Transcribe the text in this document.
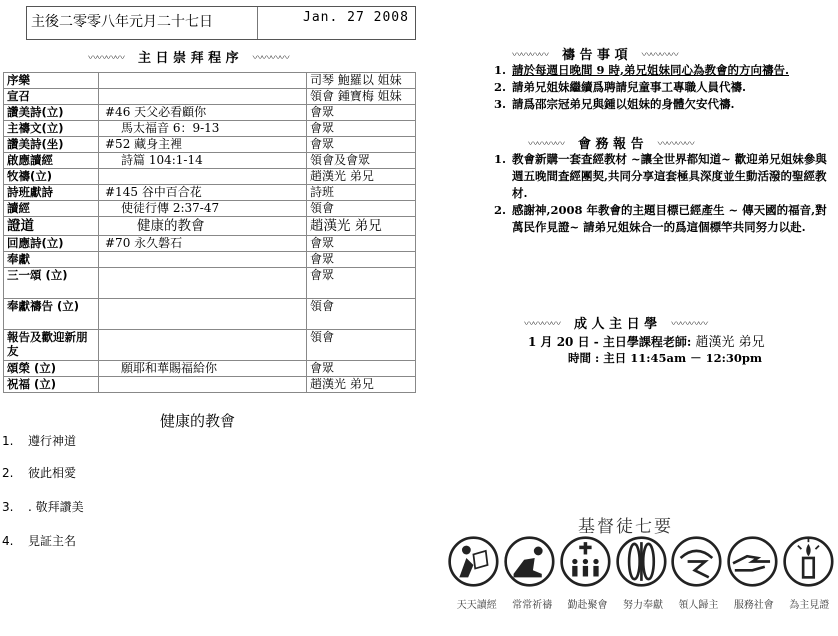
主後二零零八年元月二十七日	Jan. 27 2008
〰〰〰〰 主 日 崇 拜 程 序 〰〰〰〰
序樂		司琴 鮑羅以 姐妹
宣召		領會 鍾寶梅 姐妹
讚美詩(立)	#46 天父必看顧你	會眾
主禱文(立)	馬太福音 6：9-13	會眾
讚美詩(坐)	#52 藏身主裡	會眾
啟應讀經	詩篇 104:1-14	領會及會眾
牧禱(立)		趙漢光 弟兄
詩班獻詩	#145 谷中百合花	詩班
讀經	使徒行傳 2:37-47	領會
證道	健康的教會	趙漢光 弟兄
回應詩(立)	#70 永久磐石	會眾
奉獻		會眾
三一頌 (立)		會眾
奉獻禱告 (立)		領會
報告及歡迎新朋友		領會
頌榮 (立)	願耶和華賜福給你	會眾
祝福 (立)		趙漢光 弟兄
健康的教會
1. 遵行神道
2. 彼此相愛
3. . 敬拜讚美
4. 見証主名
〰〰〰〰 禱 告 事 項 〰〰〰〰
1. 請於每週日晚間 9 時,弟兄姐妹同心為教會的方向禱告.
2. 請弟兄姐妹繼續爲聘請兒童事工專職人員代禱.
3. 請爲邵宗冠弟兄與鍾以姐妹的身體欠安代禱.
〰〰〰〰 會 務 報 告 〰〰〰〰
1. 教會新購一套查經教材 ~讓全世界都知道~ 歡迎弟兄姐妹參與週五晚間查經團契,共同分享這套極具深度並生動活潑的聖經教材.
2. 感謝神,2008 年教會的主題目標已經產生 ~ 傳天國的福音,對萬民作見證~ 請弟兄姐妹合一的爲這個標竿共同努力以赴.
〰〰〰〰 成 人 主 日 學 〰〰〰〰
1 月 20 日 - 主日學課程老師: 趙漢光 弟兄
時間 : 主日 11:45am － 12:30pm
基督徒七要
天天讀經	常常祈禱	勤赴聚會	努力奉獻	領人歸主	服務社會	為主見證
